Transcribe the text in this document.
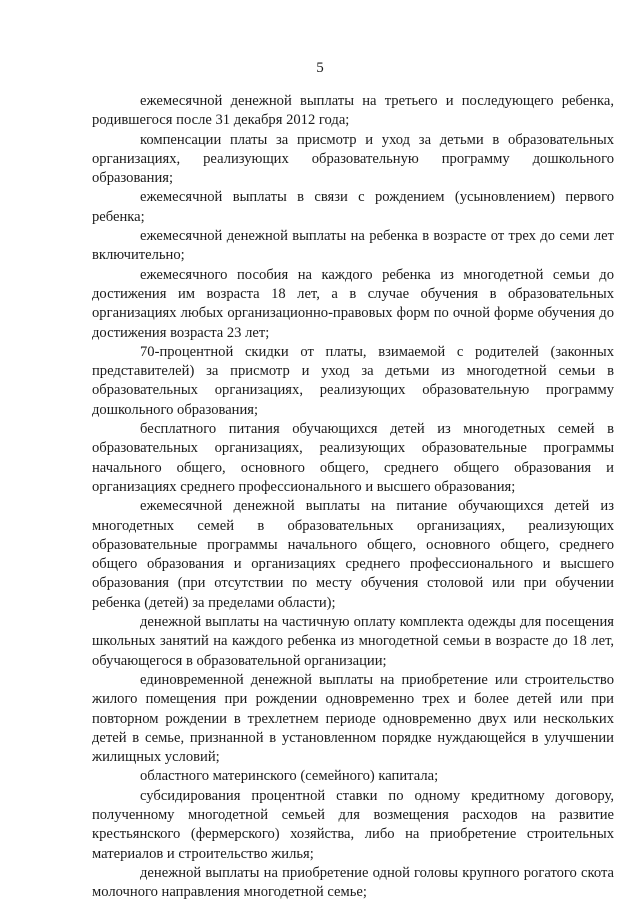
5

ежемесячной денежной выплаты на третьего и последующего ребенка, родившегося после 31 декабря 2012 года;

компенсации платы за присмотр и уход за детьми в образовательных организациях, реализующих образовательную программу дошкольного образования;

ежемесячной выплаты в связи с рождением (усыновлением) первого ребенка;

ежемесячной денежной выплаты на ребенка в возрасте от трех до семи лет включительно;

ежемесячного пособия на каждого ребенка из многодетной семьи до достижения им возраста 18 лет, а в случае обучения в образовательных организациях любых организационно-правовых форм по очной форме обучения до достижения возраста 23 лет;

70-процентной скидки от платы, взимаемой с родителей (законных представителей) за присмотр и уход за детьми из многодетной семьи в образовательных организациях, реализующих образовательную программу дошкольного образования;

бесплатного питания обучающихся детей из многодетных семей в образовательных организациях, реализующих образовательные программы начального общего, основного общего, среднего общего образования и организациях среднего профессионального и высшего образования;

ежемесячной денежной выплаты на питание обучающихся детей из многодетных семей в образовательных организациях, реализующих образовательные программы начального общего, основного общего, среднего общего образования и организациях среднего профессионального и высшего образования (при отсутствии по месту обучения столовой или при обучении ребенка (детей) за пределами области);

денежной выплаты на частичную оплату комплекта одежды для посещения школьных занятий на каждого ребенка из многодетной семьи в возрасте до 18 лет, обучающегося в образовательной организации;

единовременной денежной выплаты на приобретение или строительство жилого помещения при рождении одновременно трех и более детей или при повторном рождении в трехлетнем периоде одновременно двух или нескольких детей в семье, признанной в установленном порядке нуждающейся в улучшении жилищных условий;

областного материнского (семейного) капитала;

субсидирования процентной ставки по одному кредитному договору, полученному многодетной семьей для возмещения расходов на развитие крестьянского (фермерского) хозяйства, либо на приобретение строительных материалов и строительство жилья;

денежной выплаты на приобретение одной головы крупного рогатого скота молочного направления многодетной семье;
